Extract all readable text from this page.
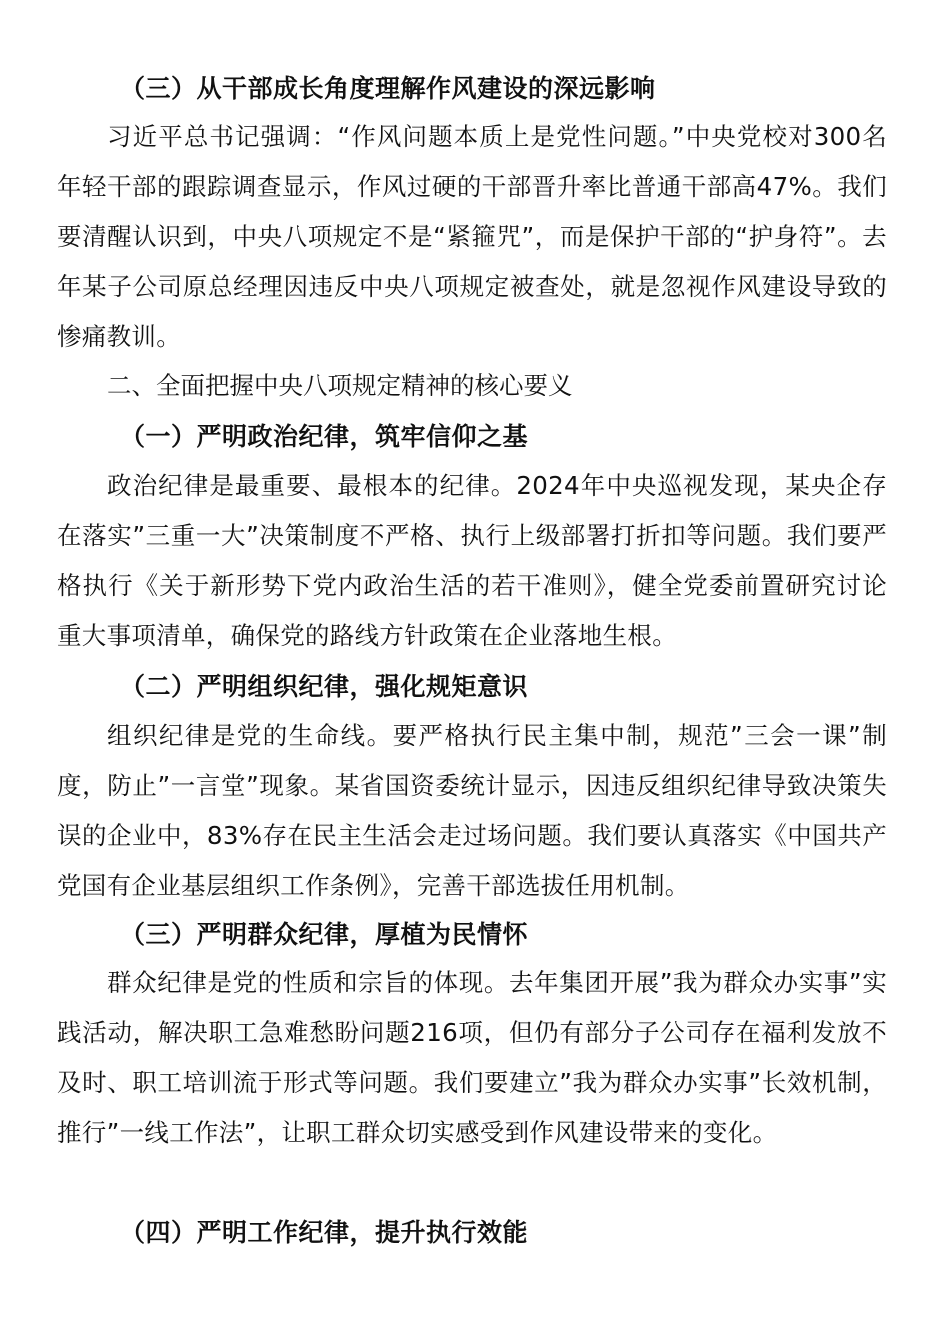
（三）从干部成长角度理解作风建设的深远影响

习近平总书记强调：“作风问题本质上是党性问题。”中央党校对300名年轻干部的跟踪调查显示，作风过硬的干部晋升率比普通干部高47%。我们要清醒认识到，中央八项规定不是“紧箍咒”，而是保护干部的“护身符”。去年某子公司原总经理因违反中央八项规定被查处，就是忽视作风建设导致的惨痛教训。

二、全面把握中央八项规定精神的核心要义
（一）严明政治纪律，筑牢信仰之基

政治纪律是最重要、最根本的纪律。2024年中央巡视发现，某央企存在落实”三重一大”决策制度不严格、执行上级部署打折扣等问题。我们要严格执行《关于新形势下党内政治生活的若干准则》，健全党委前置研究讨论重大事项清单，确保党的路线方针政策在企业落地生根。

（二）严明组织纪律，强化规矩意识

组织纪律是党的生命线。要严格执行民主集中制，规范”三会一课”制度，防止”一言堂”现象。某省国资委统计显示，因违反组织纪律导致决策失误的企业中，83%存在民主生活会走过场问题。我们要认真落实《中国共产党国有企业基层组织工作条例》，完善干部选拔任用机制。

（三）严明群众纪律，厚植为民情怀

群众纪律是党的性质和宗旨的体现。去年集团开展”我为群众办实事”实践活动，解决职工急难愁盼问题216项，但仍有部分子公司存在福利发放不及时、职工培训流于形式等问题。我们要建立”我为群众办实事”长效机制，推行”一线工作法”，让职工群众切实感受到作风建设带来的变化。

（四）严明工作纪律，提升执行效能
